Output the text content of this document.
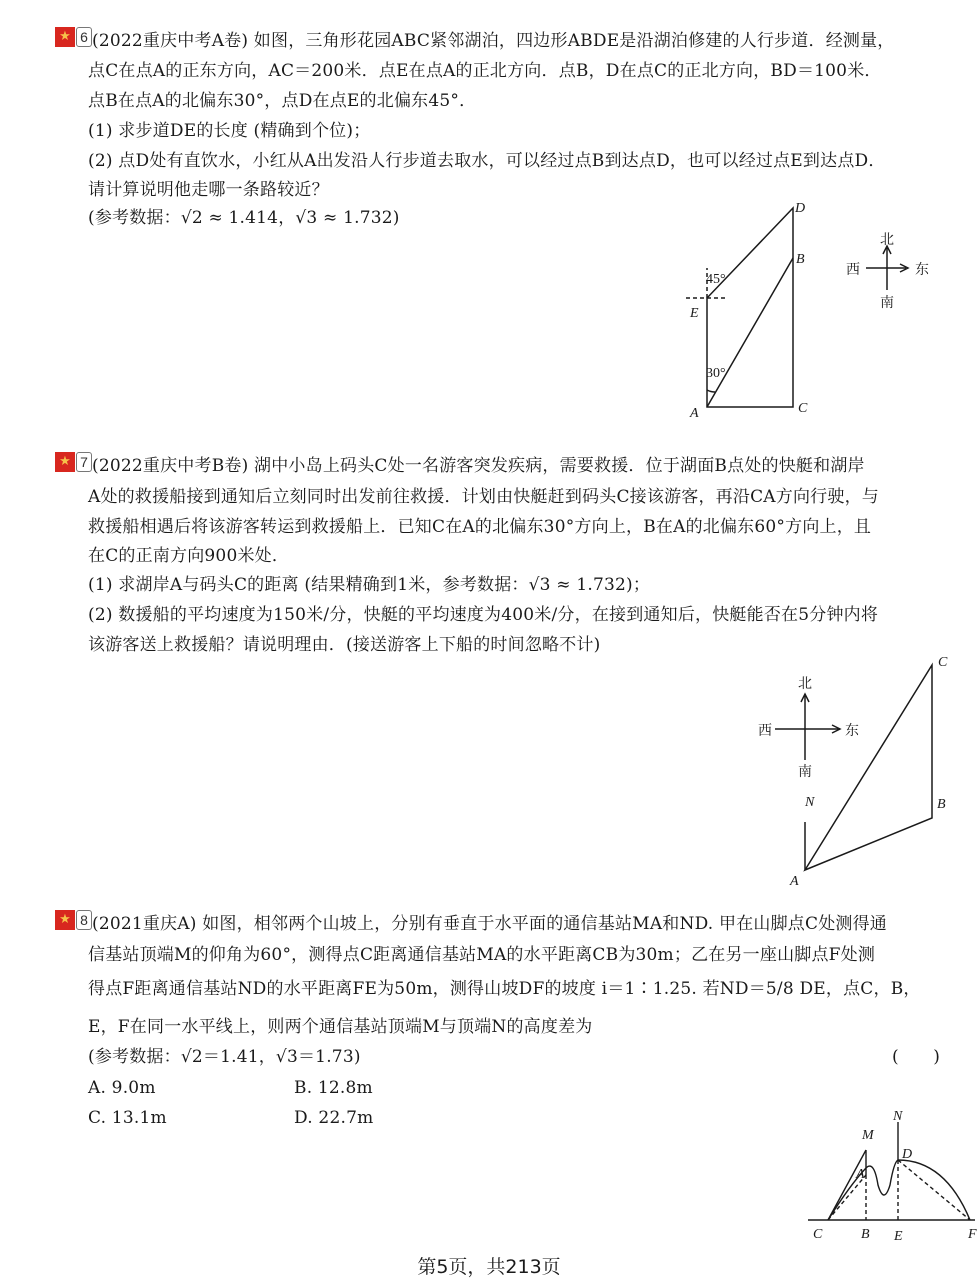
★ 6 (2022重庆中考A卷) 如图，三角形花园ABC紧邻湖泊，四边形ABDE是沿湖泊修建的人行步道．经测量，
点C在点A的正东方向，AC＝200米．点E在点A的正北方向．点B，D在点C的正北方向，BD＝100米．
点B在点A的北偏东30°，点D在点E的北偏东45°．
(1) 求步道DE的长度 (精确到个位)；
(2) 点D处有直饮水，小红从A出发沿人行步道去取水，可以经过点B到达点D，也可以经过点E到达点D．
请计算说明他走哪一条路较近？
(参考数据：√2 ≈ 1.414，√3 ≈ 1.732)
★ 7 (2022重庆中考B卷) 湖中小岛上码头C处一名游客突发疾病，需要救援．位于湖面B点处的快艇和湖岸
A处的救援船接到通知后立刻同时出发前往救援．计划由快艇赶到码头C接该游客，再沿CA方向行驶，与
救援船相遇后将该游客转运到救援船上．已知C在A的北偏东30°方向上，B在A的北偏东60°方向上，且
在C的正南方向900米处．
(1) 求湖岸A与码头C的距离 (结果精确到1米，参考数据：√3 ≈ 1.732)；
(2) 数援船的平均速度为150米/分，快艇的平均速度为400米/分，在接到通知后，快艇能否在5分钟内将
该游客送上救援船？请说明理由．(接送游客上下船的时间忽略不计)
★ 8 (2021重庆A) 如图，相邻两个山坡上，分别有垂直于水平面的通信基站MA和ND. 甲在山脚点C处测得通
信基站顶端M的仰角为60°，测得点C距离通信基站MA的水平距离CB为30m；乙在另一座山脚点F处测
得点F距离通信基站ND的水平距离FE为50m，测得山坡DF的坡度 i＝1∶1.25. 若ND＝5/8 DE，点C，B，
E，F在同一水平线上，则两个通信基站顶端M与顶端N的高度差为
(参考数据：√2＝1.41，√3＝1.73)	(　　)
A. 9.0m	B. 12.8m
C. 13.1m	D. 22.7m
A	C
B
D
E
45°
30°
北
南
西	东
A
B
C
N
北
南
西	东
M
N
A
D
C	B E	F
第5页，共213页
